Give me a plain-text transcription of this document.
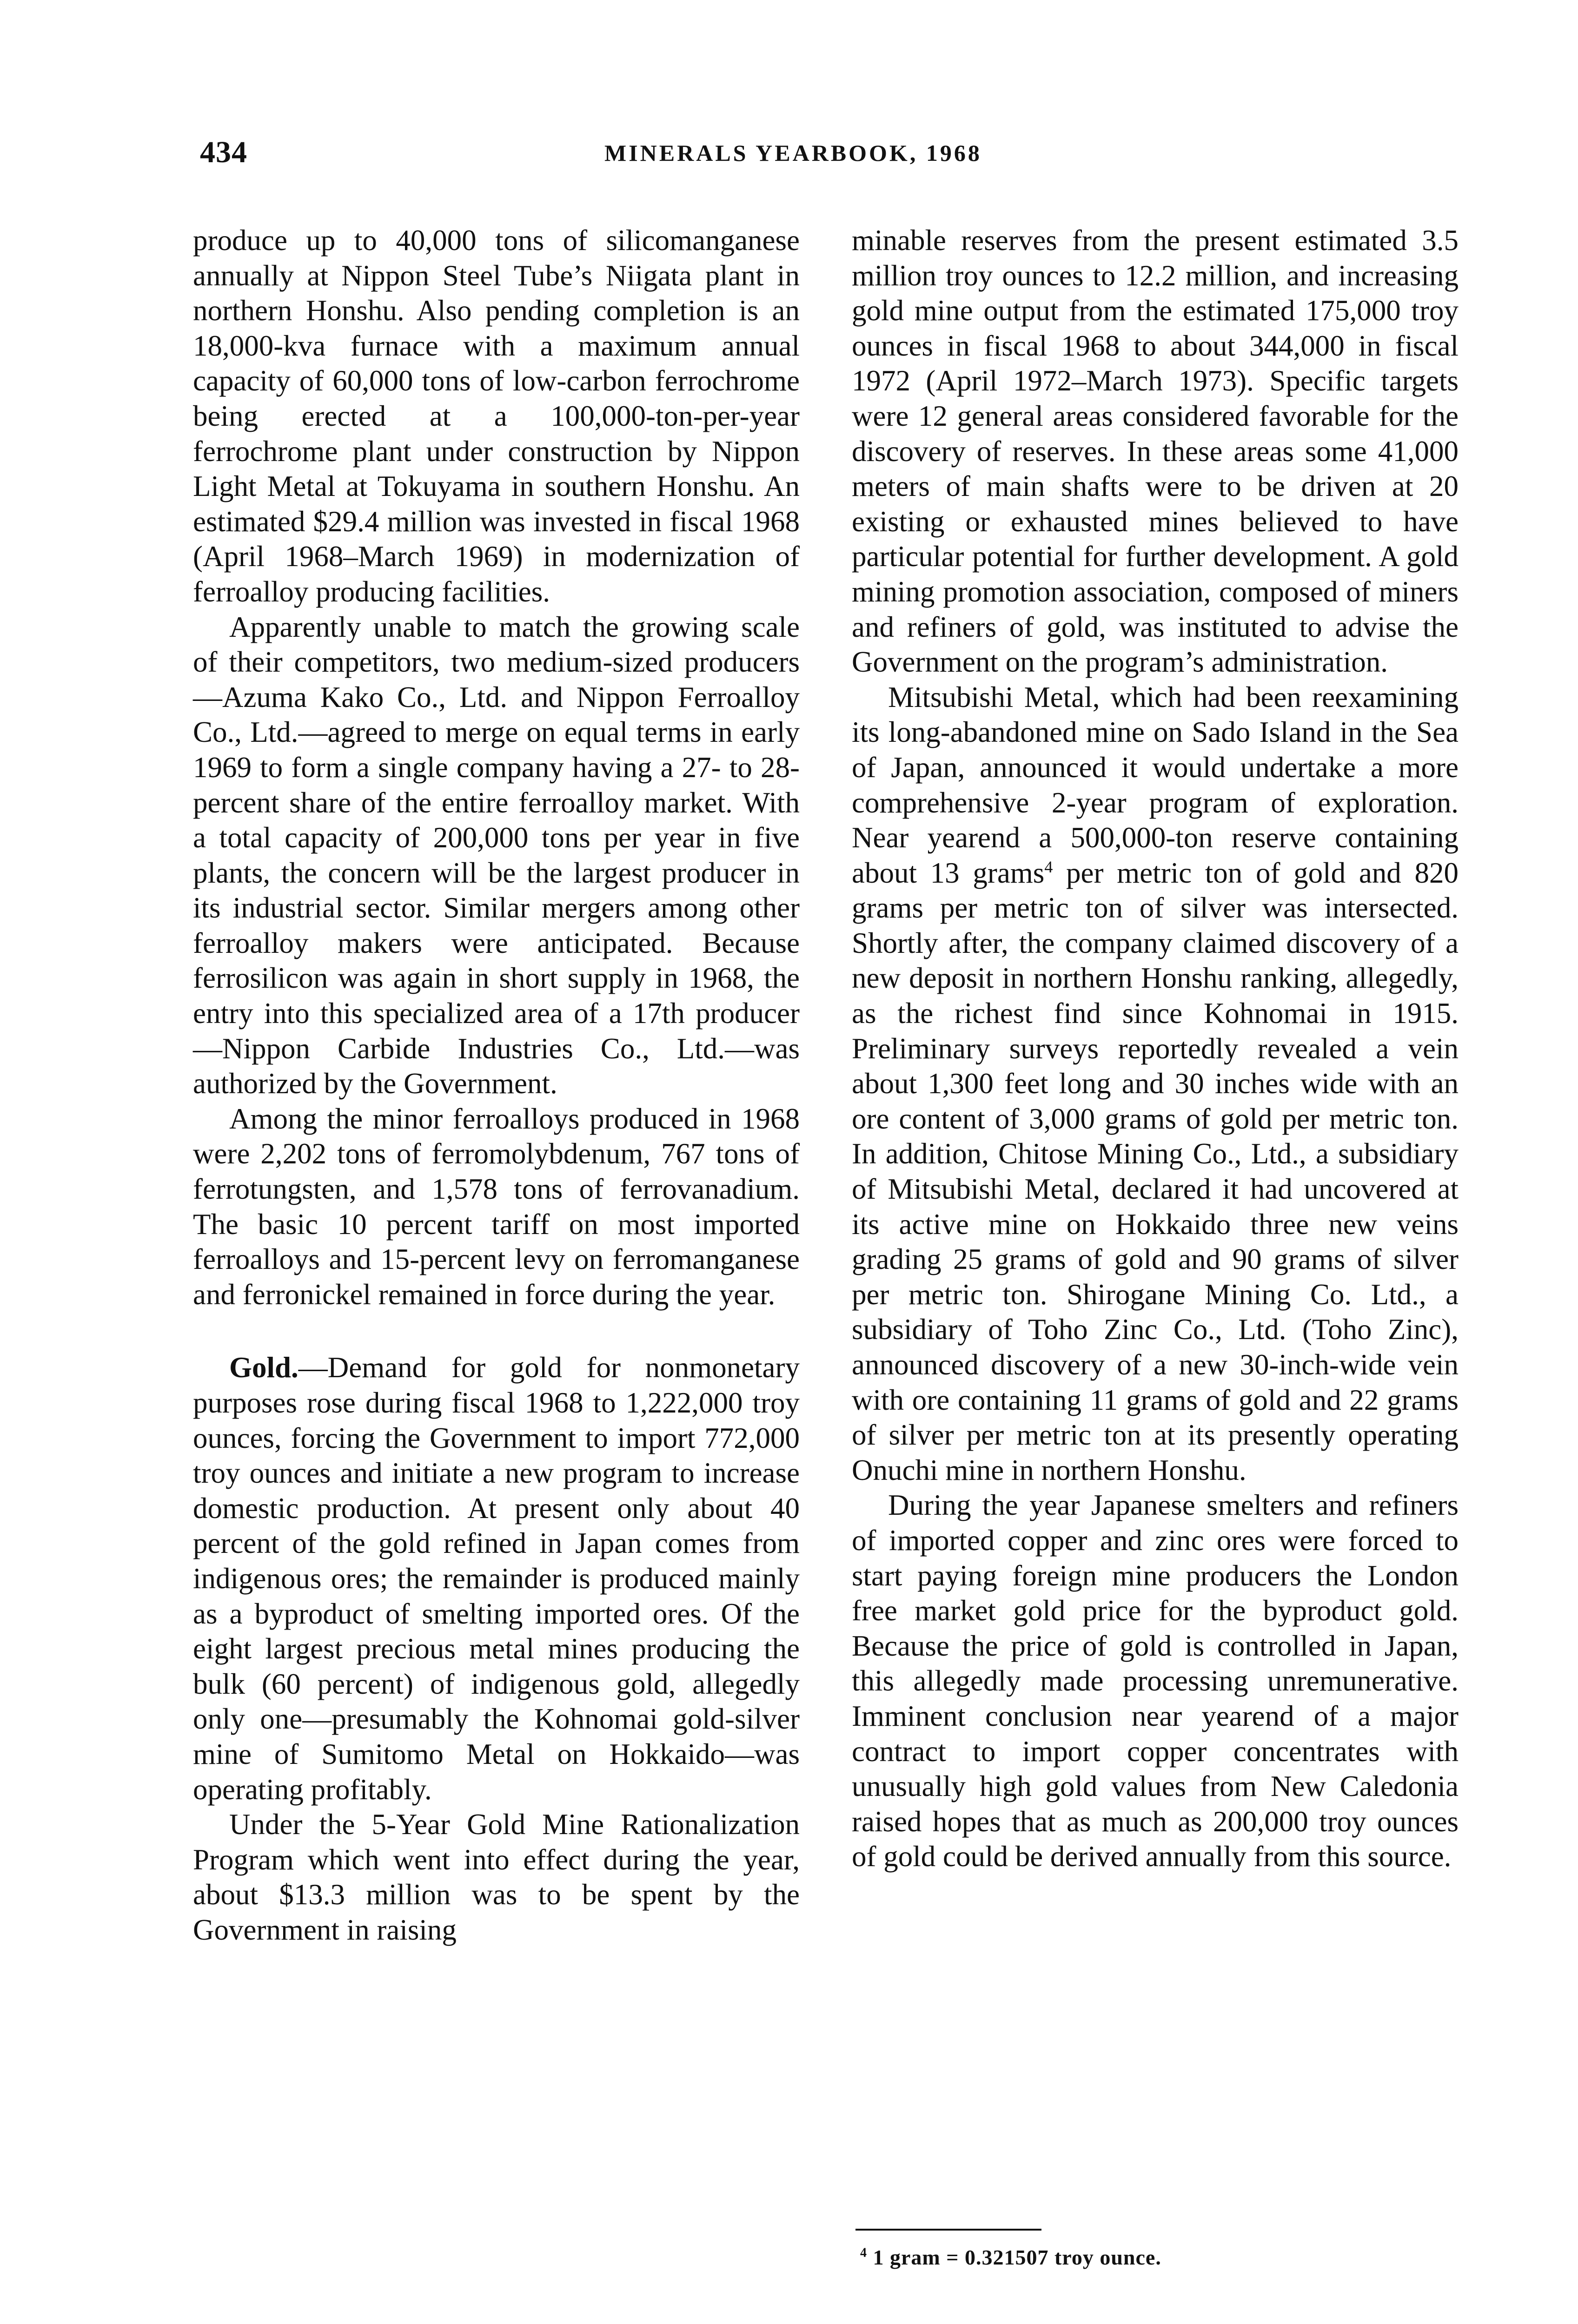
434	MINERALS YEARBOOK, 1968

produce up to 40,000 tons of silicomanganese annually at Nippon Steel Tube’s Niigata plant in northern Honshu. Also pending completion is an 18,000-kva furnace with a maximum annual capacity of 60,000 tons of low-carbon ferrochrome being erected at a 100,000-ton-per-year ferrochrome plant under construction by Nippon Light Metal at Tokuyama in southern Honshu. An estimated $29.4 million was invested in fiscal 1968 (April 1968–March 1969) in modernization of ferroalloy producing facilities.

Apparently unable to match the growing scale of their competitors, two medium-sized producers—Azuma Kako Co., Ltd. and Nippon Ferroalloy Co., Ltd.—agreed to merge on equal terms in early 1969 to form a single company having a 27- to 28-percent share of the entire ferroalloy market. With a total capacity of 200,000 tons per year in five plants, the concern will be the largest producer in its industrial sector. Similar mergers among other ferroalloy makers were anticipated. Because ferrosilicon was again in short supply in 1968, the entry into this specialized area of a 17th producer—Nippon Carbide Industries Co., Ltd.—was authorized by the Government.

Among the minor ferroalloys produced in 1968 were 2,202 tons of ferromolybdenum, 767 tons of ferrotungsten, and 1,578 tons of ferrovanadium. The basic 10 percent tariff on most imported ferroalloys and 15-percent levy on ferromanganese and ferronickel remained in force during the year.

Gold.—Demand for gold for nonmonetary purposes rose during fiscal 1968 to 1,222,000 troy ounces, forcing the Government to import 772,000 troy ounces and initiate a new program to increase domestic production. At present only about 40 percent of the gold refined in Japan comes from indigenous ores; the remainder is produced mainly as a byproduct of smelting imported ores. Of the eight largest precious metal mines producing the bulk (60 percent) of indigenous gold, allegedly only one—presumably the Kohnomai gold-silver mine of Sumitomo Metal on Hokkaido—was operating profitably.

Under the 5-Year Gold Mine Rationalization Program which went into effect during the year, about $13.3 million was to be spent by the Government in raising

minable reserves from the present estimated 3.5 million troy ounces to 12.2 million, and increasing gold mine output from the estimated 175,000 troy ounces in fiscal 1968 to about 344,000 in fiscal 1972 (April 1972–March 1973). Specific targets were 12 general areas considered favorable for the discovery of reserves. In these areas some 41,000 meters of main shafts were to be driven at 20 existing or exhausted mines believed to have particular potential for further development. A gold mining promotion association, composed of miners and refiners of gold, was instituted to advise the Government on the program’s administration.

Mitsubishi Metal, which had been reexamining its long-abandoned mine on Sado Island in the Sea of Japan, announced it would undertake a more comprehensive 2-year program of exploration. Near yearend a 500,000-ton reserve containing about 13 grams$^4$ per metric ton of gold and 820 grams per metric ton of silver was intersected. Shortly after, the company claimed discovery of a new deposit in northern Honshu ranking, allegedly, as the richest find since Kohnomai in 1915. Preliminary surveys reportedly revealed a vein about 1,300 feet long and 30 inches wide with an ore content of 3,000 grams of gold per metric ton. In addition, Chitose Mining Co., Ltd., a subsidiary of Mitsubishi Metal, declared it had uncovered at its active mine on Hokkaido three new veins grading 25 grams of gold and 90 grams of silver per metric ton. Shirogane Mining Co. Ltd., a subsidiary of Toho Zinc Co., Ltd. (Toho Zinc), announced discovery of a new 30-inch-wide vein with ore containing 11 grams of gold and 22 grams of silver per metric ton at its presently operating Onuchi mine in northern Honshu.

During the year Japanese smelters and refiners of imported copper and zinc ores were forced to start paying foreign mine producers the London free market gold price for the byproduct gold. Because the price of gold is controlled in Japan, this allegedly made processing unremunerative. Imminent conclusion near yearend of a major contract to import copper concentrates with unusually high gold values from New Caledonia raised hopes that as much as 200,000 troy ounces of gold could be derived annually from this source.

$^4$ 1 gram = 0.321507 troy ounce.
